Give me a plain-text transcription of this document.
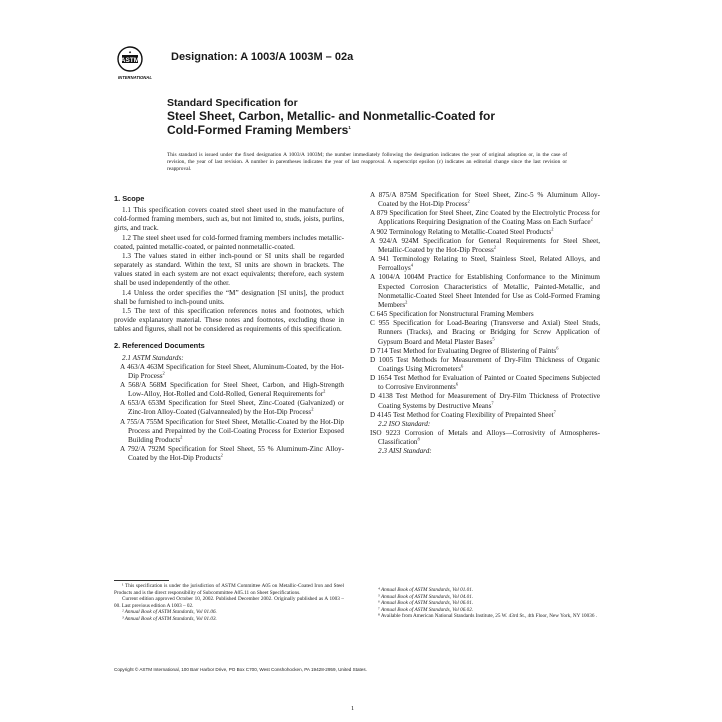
ASTM
◆
INTERNATIONAL
Designation: A 1003/A 1003M – 02a
Standard Specification for
Steel Sheet, Carbon, Metallic- and Nonmetallic-Coated for
Cold-Formed Framing Members$^1$
This standard is issued under the fixed designation A 1003/A 1003M; the number immediately following the designation indicates the year of original adoption or, in the case of revision, the year of last revision. A number in parentheses indicates the year of last reapproval. A superscript epsilon (ε) indicates an editorial change since the last revision or reapproval.
1. Scope

1.1 This specification covers coated steel sheet used in the manufacture of cold-formed framing members, such as, but not limited to, studs, joists, purlins, girts, and track.

1.2 The steel sheet used for cold-formed framing members includes metallic-coated, painted metallic-coated, or painted nonmetallic-coated.

1.3 The values stated in either inch-pound or SI units shall be regarded separately as standard. Within the text, SI units are shown in brackets. The values stated in each system are not exact equivalents; therefore, each system shall be used independently of the other.

1.4 Unless the order specifies the “M” designation [SI units], the product shall be furnished to inch-pound units.

1.5 The text of this specification references notes and footnotes, which provide explanatory material. These notes and footnotes, excluding those in tables and figures, shall not be considered as requirements of this specification.

2. Referenced Documents

2.1 ASTM Standards:

A 463/A 463M Specification for Steel Sheet, Aluminum-Coated, by the Hot-Dip Process$^2$

A 568/A 568M Specification for Steel Sheet, Carbon, and High-Strength Low-Alloy, Hot-Rolled and Cold-Rolled, General Requirements for$^2$

A 653/A 653M Specification for Steel Sheet, Zinc-Coated (Galvanized) or Zinc-Iron Alloy-Coated (Galvannealed) by the Hot-Dip Process$^2$

A 755/A 755M Specification for Steel Sheet, Metallic-Coated by the Hot-Dip Process and Prepainted by the Coil-Coating Process for Exterior Exposed Building Products$^2$

A 792/A 792M Specification for Steel Sheet, 55 % Aluminum-Zinc Alloy-Coated by the Hot-Dip Products$^2$

A 875/A 875M Specification for Steel Sheet, Zinc-5 % Aluminum Alloy-Coated by the Hot-Dip Process$^2$

A 879 Specification for Steel Sheet, Zinc Coated by the Electrolytic Process for Applications Requiring Designation of the Coating Mass on Each Surface$^2$

A 902 Terminology Relating to Metallic-Coated Steel Products$^2$

A 924/A 924M Specification for General Requirements for Steel Sheet, Metallic-Coated by the Hot-Dip Process$^2$

A 941 Terminology Relating to Steel, Stainless Steel, Related Alloys, and Ferroalloys$^4$

A 1004/A 1004M Practice for Establishing Conformance to the Minimum Expected Corrosion Characteristics of Metallic, Painted-Metallic, and Nonmetallic-Coated Steel Sheet Intended for Use as Cold-Formed Framing Members$^2$

C 645 Specification for Nonstructural Framing Members

C 955 Specification for Load-Bearing (Transverse and Axial) Steel Studs, Runners (Tracks), and Bracing or Bridging for Screw Application of Gypsum Board and Metal Plaster Bases$^5$

D 714 Test Method for Evaluating Degree of Blistering of Paints$^6$

D 1005 Test Methods for Measurement of Dry-Film Thickness of Organic Coatings Using Micrometers$^6$

D 1654 Test Method for Evaluation of Painted or Coated Specimens Subjected to Corrosive Environments$^6$

D 4138 Test Method for Measurement of Dry-Film Thickness of Protective Coating Systems by Destructive Means$^7$

D 4145 Test Method for Coating Flexibility of Prepainted Sheet$^7$

2.2 ISO Standard:

ISO 9223 Corrosion of Metals and Alloys—Corrosivity of Atmospheres-Classification$^8$

2.3 AISI Standard:

¹ This specification is under the jurisdiction of ASTM Committee A05 on Metallic-Coated Iron and Steel Products and is the direct responsibility of Subcommittee A05.11 on Sheet Specifications.

Current edition approved October 10, 2002. Published December 2002. Originally published as A 1003 – 00. Last previous edition A 1003 – 02.

² Annual Book of ASTM Standards, Vol 01.06.

³ Annual Book of ASTM Standards, Vol 01.03.

⁴ Annual Book of ASTM Standards, Vol 01.01.

⁵ Annual Book of ASTM Standards, Vol 04.01.

⁶ Annual Book of ASTM Standards, Vol 06.01.

⁷ Annual Book of ASTM Standards, Vol 06.02.

⁸ Available from American National Standards Institute, 25 W. 43rd St., 4th Floor, New York, NY 10036 .

Copyright © ASTM International, 100 Barr Harbor Drive, PO Box C700, West Conshohocken, PA 19428-2959, United States.
1
